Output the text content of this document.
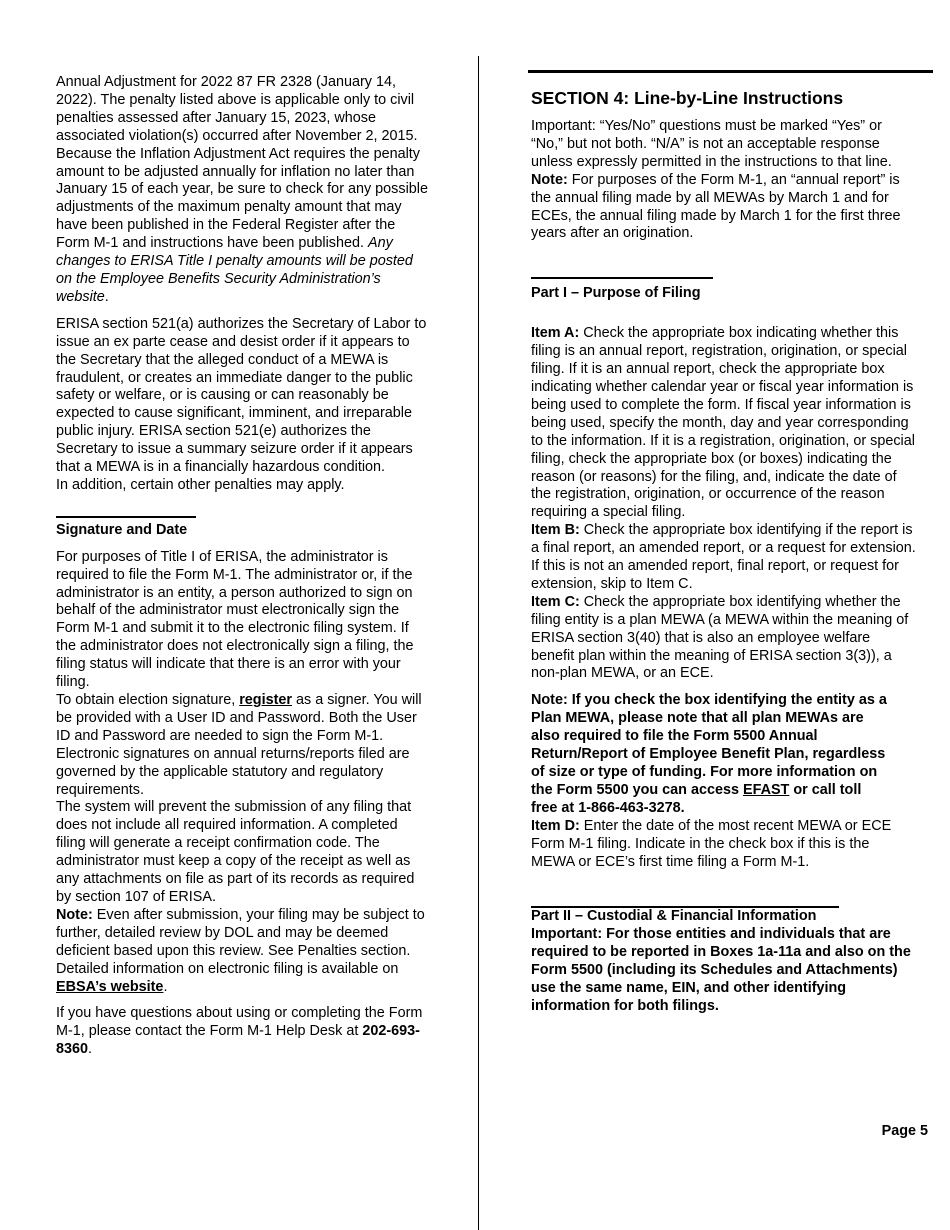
Annual Adjustment for 2022 87 FR 2328 (January 14, 2022). The penalty listed above is applicable only to civil penalties assessed after January 15, 2023, whose associated violation(s) occurred after November 2, 2015. Because the Inflation Adjustment Act requires the penalty amount to be adjusted annually for inflation no later than January 15 of each year, be sure to check for any possible adjustments of the maximum penalty amount that may have been published in the Federal Register after the Form M-1 and instructions have been published. Any changes to ERISA Title I penalty amounts will be posted on the Employee Benefits Security Administration’s website.

ERISA section 521(a) authorizes the Secretary of Labor to issue an ex parte cease and desist order if it appears to the Secretary that the alleged conduct of a MEWA is fraudulent, or creates an immediate danger to the public safety or welfare, or is causing or can reasonably be expected to cause significant, imminent, and irreparable public injury. ERISA section 521(e) authorizes the Secretary to issue a summary seizure order if it appears that a MEWA is in a financially hazardous condition.

In addition, certain other penalties may apply.

Signature and Date

For purposes of Title I of ERISA, the administrator is required to file the Form M-1. The administrator or, if the administrator is an entity, a person authorized to sign on behalf of the administrator must electronically sign the Form M-1 and submit it to the electronic filing system. If the administrator does not electronically sign a filing, the filing status will indicate that there is an error with your filing.

To obtain election signature, register as a signer. You will be provided with a User ID and Password. Both the User ID and Password are needed to sign the Form M-1.

Electronic signatures on annual returns/reports filed are governed by the applicable statutory and regulatory requirements.

The system will prevent the submission of any filing that does not include all required information. A completed filing will generate a receipt confirmation code. The administrator must keep a copy of the receipt as well as any attachments on file as part of its records as required by section 107 of ERISA.

Note: Even after submission, your filing may be subject to further, detailed review by DOL and may be deemed deficient based upon this review. See Penalties section.

Detailed information on electronic filing is available on EBSA’s website.

If you have questions about using or completing the Form M-1, please contact the Form M-1 Help Desk at 202-693-8360.

SECTION 4: Line-by-Line Instructions

Important: “Yes/No” questions must be marked “Yes” or “No,” but not both. “N/A” is not an acceptable response unless expressly permitted in the instructions to that line.

Note: For purposes of the Form M-1, an “annual report” is the annual filing made by all MEWAs by March 1 and for ECEs, the annual filing made by March 1 for the first three years after an origination.

Part I – Purpose of Filing

Item A: Check the appropriate box indicating whether this filing is an annual report, registration, origination, or special filing. If it is an annual report, check the appropriate box indicating whether calendar year or fiscal year information is being used to complete the form. If fiscal year information is being used, specify the month, day and year corresponding to the information. If it is a registration, origination, or special filing, check the appropriate box (or boxes) indicating the reason (or reasons) for the filing, and, indicate the date of the registration, origination, or occurrence of the reason requiring a special filing.

Item B: Check the appropriate box identifying if the report is a final report, an amended report, or a request for extension. If this is not an amended report, final report, or request for extension, skip to Item C.

Item C: Check the appropriate box identifying whether the filing entity is a plan MEWA (a MEWA within the meaning of ERISA section 3(40) that is also an employee welfare benefit plan within the meaning of ERISA section 3(3)), a non-plan MEWA, or an ECE.

Note: If you check the box identifying the entity as a Plan MEWA, please note that all plan MEWAs are also required to file the Form 5500 Annual Return/Report of Employee Benefit Plan, regardless of size or type of funding. For more information on the Form 5500 you can access EFAST or call toll free at 1-866-463-3278.

Item D: Enter the date of the most recent MEWA or ECE Form M-1 filing. Indicate in the check box if this is the MEWA or ECE’s first time filing a Form M-1.

Part II – Custodial & Financial Information

Important: For those entities and individuals that are required to be reported in Boxes 1a-11a and also on the Form 5500 (including its Schedules and Attachments) use the same name, EIN, and other identifying information for both filings.

Page 5
